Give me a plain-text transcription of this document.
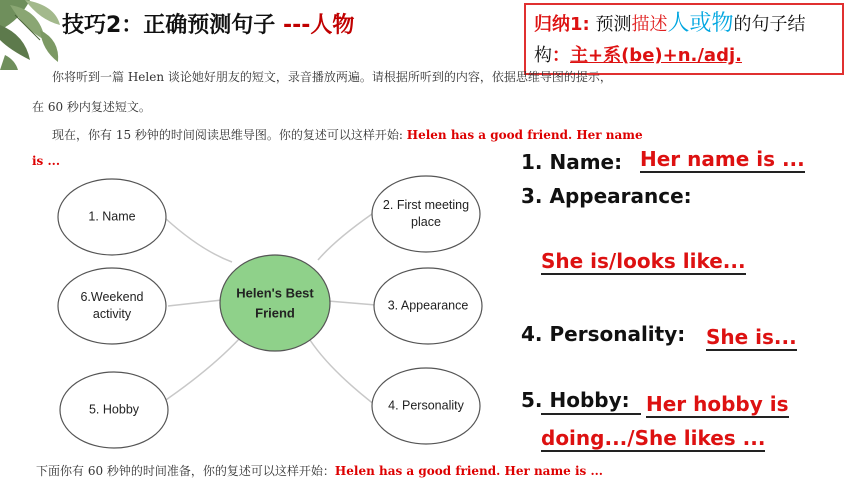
技巧2：正确预测句子 ---人物	归纳1: 预测描述人或物的句子结构：主+系(be)+n./adj.
你将听到一篇 Helen 谈论她好朋友的短文，录音播放两遍。请根据所听到的内容，依据思维导图的提示，
在 60 秒内复述短文。
现在，你有 15 秒钟的时间阅读思维导图。你的复述可以这样开始: Helen has a good friend. Her name
is ...
Helen's Best
Friend
1. Name
2. First meeting
place
3. Appearance
4. Personality
5. Hobby
6.Weekend
activity
1. Name: Her name is ...
3. Appearance:
She is/looks like...
4. Personality: She is...
5. Hobby: Her hobby is
doing.../She likes ...
下面你有 60 秒钟的时间准备，你的复述可以这样开始：Helen has a good friend. Her name is ...
